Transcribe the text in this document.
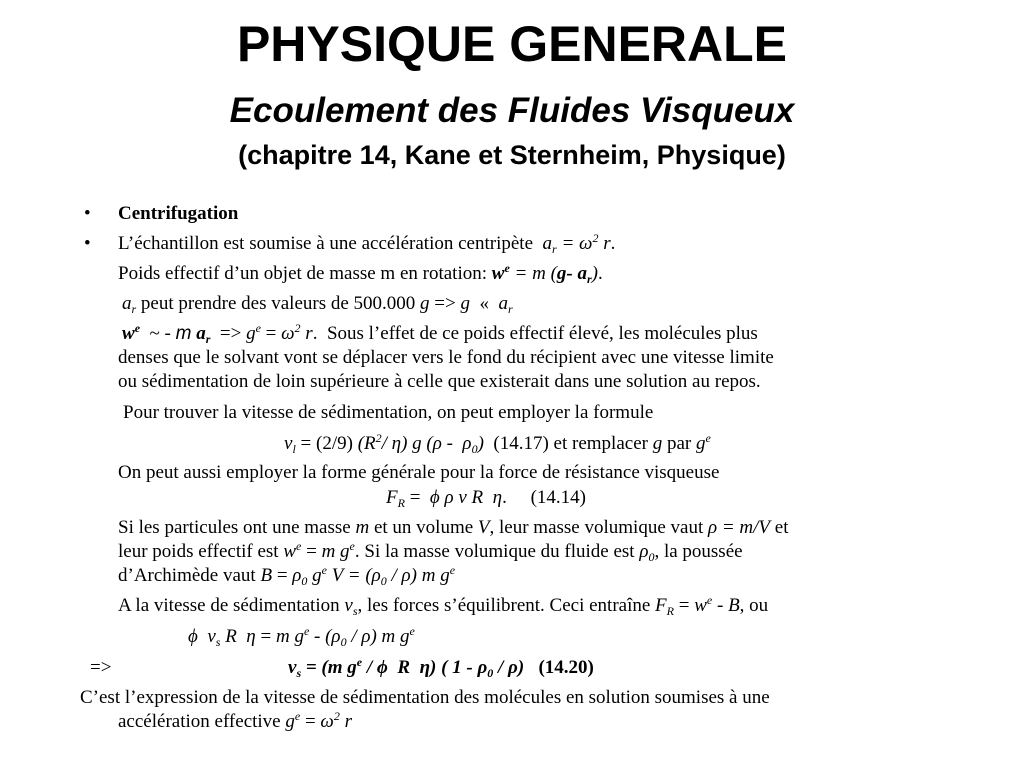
PHYSIQUE GENERALE
Ecoulement des Fluides Visqueux
(chapitre 14, Kane et Sternheim, Physique)
• Centrifugation
• L’échantillon est soumise à une accélération centripète $a_r = \omega^2$ r.
Poids effectif d’un objet de masse m en rotation: $w^e = m$ (g- $a_r$).
$a_r$ peut prendre des valeurs de 500.000 g => g  «  $a_r$
$w^e$  ~ - m $a_r => g^e = \omega^2$ r.  Sous l’effet de ce poids effectif élevé, les molécules plus
denses que le solvant vont se déplacer vers le fond du récipient avec une vitesse limite
ou sédimentation de loin supérieure à celle que existerait dans une solution au repos.
Pour trouver la vitesse de sédimentation, on peut employer la formule
$v_l = (2/9)$ ($R^2/$ η) g $(\rho - \rho_0)$ (14.17) et remplacer g par $g^e$
On peut aussi employer la forme générale pour la force de résistance visqueuse
$F_R = \phi$ ρ v R  η.     (14.14)
Si les particules ont une masse m et un volume V, leur masse volumique vaut ρ = m/V et
leur poids effectif est $w^e = m$ $g^e$. Si la masse volumique du fluide est $\rho_0$, la poussée
d’Archimède vaut $B = \rho_0$ $g^e$ $V = (\rho_0 / \rho)$ m $g^e$
A la vitesse de sédimentation $v_s$, les forces s’équilibrent. Ceci entraîne $F_R = w^e - B$, ou
ϕ  $v_s$ R  η = m $g^e - (\rho_0 / \rho)$ m $g^e$
=>	$v_s = (m$ $g^e$ / ϕ  R  η) ( $1 - \rho_0 / \rho$) (14.20)
C’est l’expression de la vitesse de sédimentation des molécules en solution soumises à une
accélération effective $g^e = \omega^2$ r
